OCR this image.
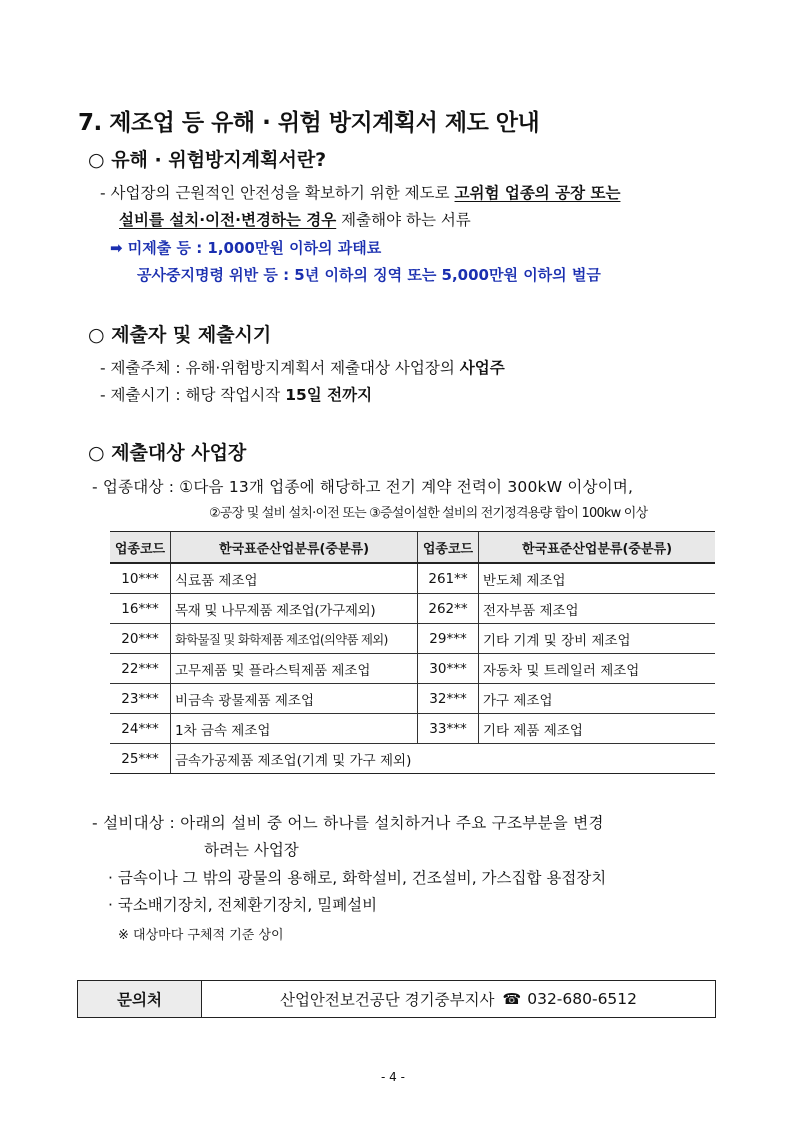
7. 제조업 등 유해 · 위험 방지계획서 제도 안내
○ 유해 · 위험방지계획서란?
- 사업장의 근원적인 안전성을 확보하기 위한 제도로 고위험 업종의 공장 또는
설비를 설치·이전·변경하는 경우 제출해야 하는 서류
➡ 미제출 등 : 1,000만원 이하의 과태료
공사중지명령 위반 등 : 5년 이하의 징역 또는 5,000만원 이하의 벌금
○ 제출자 및 제출시기
- 제출주체 : 유해·위험방지계획서 제출대상 사업장의 사업주
- 제출시기 : 해당 작업시작 15일 전까지
○ 제출대상 사업장
- 업종대상 : ①다음 13개 업종에 해당하고 전기 계약 전력이 300kW 이상이며,
②공장 및 설비 설치·이전 또는 ③증설이설한 설비의 전기정격용량 합이 100kw 이상
업종코드	한국표준산업분류(중분류)	업종코드	한국표준산업분류(중분류)
10***	식료품 제조업	261**	반도체 제조업
16***	목재 및 나무제품 제조업(가구제외)	262**	전자부품 제조업
20***	화학물질 및 화학제품 제조업(의약품 제외)	29***	기타 기계 및 장비 제조업
22***	고무제품 및 플라스틱제품 제조업	30***	자동차 및 트레일러 제조업
23***	비금속 광물제품 제조업	32***	가구 제조업
24***	1차 금속 제조업	33***	기타 제품 제조업
25***	금속가공제품 제조업(기계 및 가구 제외)		
- 설비대상 : 아래의 설비 중 어느 하나를 설치하거나 주요 구조부분을 변경
하려는 사업장
· 금속이나 그 밖의 광물의 용해로, 화학설비, 건조설비, 가스집합 용접장치
· 국소배기장치, 전체환기장치, 밀폐설비
※ 대상마다 구체적 기준 상이
문의처	산업안전보건공단 경기중부지사 ☎ 032-680-6512
- 4 -
